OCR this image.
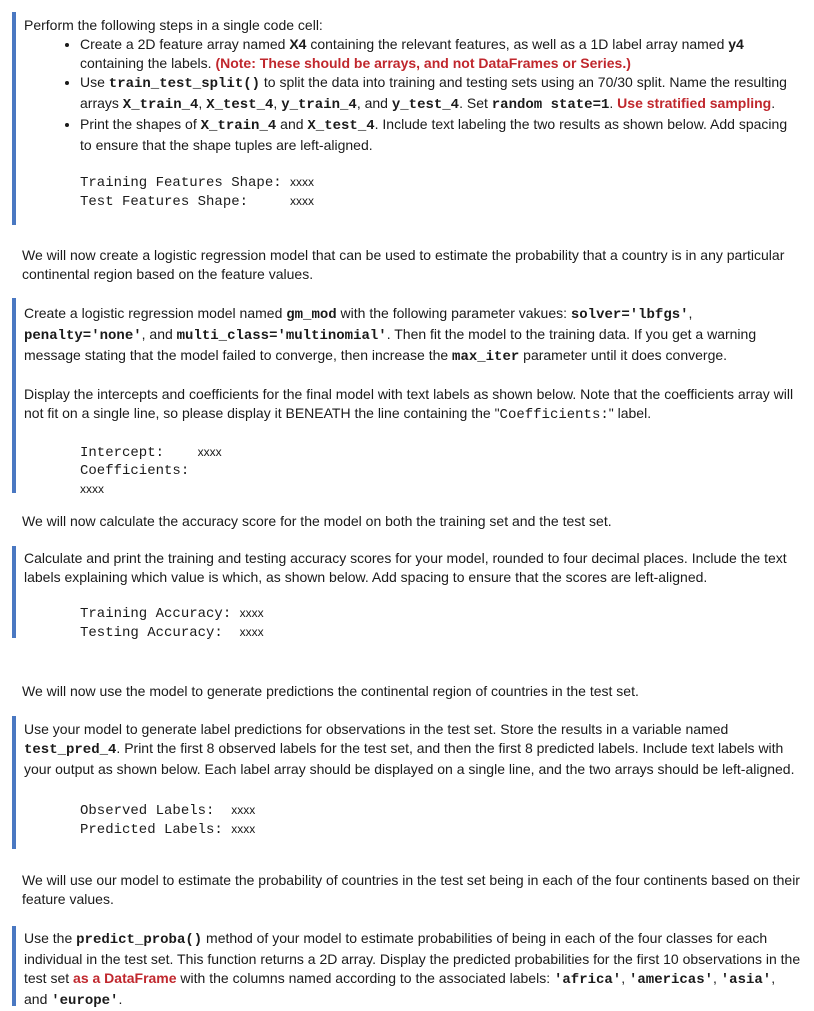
Perform the following steps in a single code cell:

• Create a 2D feature array named X4 containing the relevant features, as well as a 1D label array named y4 containing the labels. (Note: These should be arrays, and not DataFrames or Series.)
• Use train_test_split() to split the data into training and testing sets using an 70/30 split. Name the resulting arrays X_train_4, X_test_4, y_train_4, and y_test_4. Set random state=1. Use stratified sampling.
• Print the shapes of X_train_4 and X_test_4. Include text labeling the two results as shown below. Add spacing to ensure that the shape tuples are left-aligned.
Training Features Shape: xxxx
Test Features Shape:     xxxx

We will now create a logistic regression model that can be used to estimate the probability that a country is in any particular continental region based on the feature values.

Create a logistic regression model named gm_mod with the following parameter vakues: solver='lbfgs', penalty='none', and multi_class='multinomial'. Then fit the model to the training data. If you get a warning message stating that the model failed to converge, then increase the max_iter parameter until it does converge.

Display the intercepts and coefficients for the final model with text labels as shown below. Note that the coefficients array will not fit on a single line, so please display it BENEATH the line containing the "Coefficients:" label.

Intercept:    xxxx
Coefficients:
xxxx

We will now calculate the accuracy score for the model on both the training set and the test set.

Calculate and print the training and testing accuracy scores for your model, rounded to four decimal places. Include the text labels explaining which value is which, as shown below. Add spacing to ensure that the scores are left-aligned.

Training Accuracy: xxxx
Testing Accuracy:  xxxx

We will now use the model to generate predictions the continental region of countries in the test set.

Use your model to generate label predictions for observations in the test set. Store the results in a variable named test_pred_4. Print the first 8 observed labels for the test set, and then the first 8 predicted labels. Include text labels with your output as shown below. Each label array should be displayed on a single line, and the two arrays should be left-aligned.

Observed Labels:  xxxx
Predicted Labels: xxxx

We will use our model to estimate the probability of countries in the test set being in each of the four continents based on their feature values.

Use the predict_proba() method of your model to estimate probabilities of being in each of the four classes for each individual in the test set. This function returns a 2D array. Display the predicted probabilities for the first 10 observations in the test set as a DataFrame with the columns named according to the associated labels: 'africa', 'americas', 'asia', and 'europe'.
